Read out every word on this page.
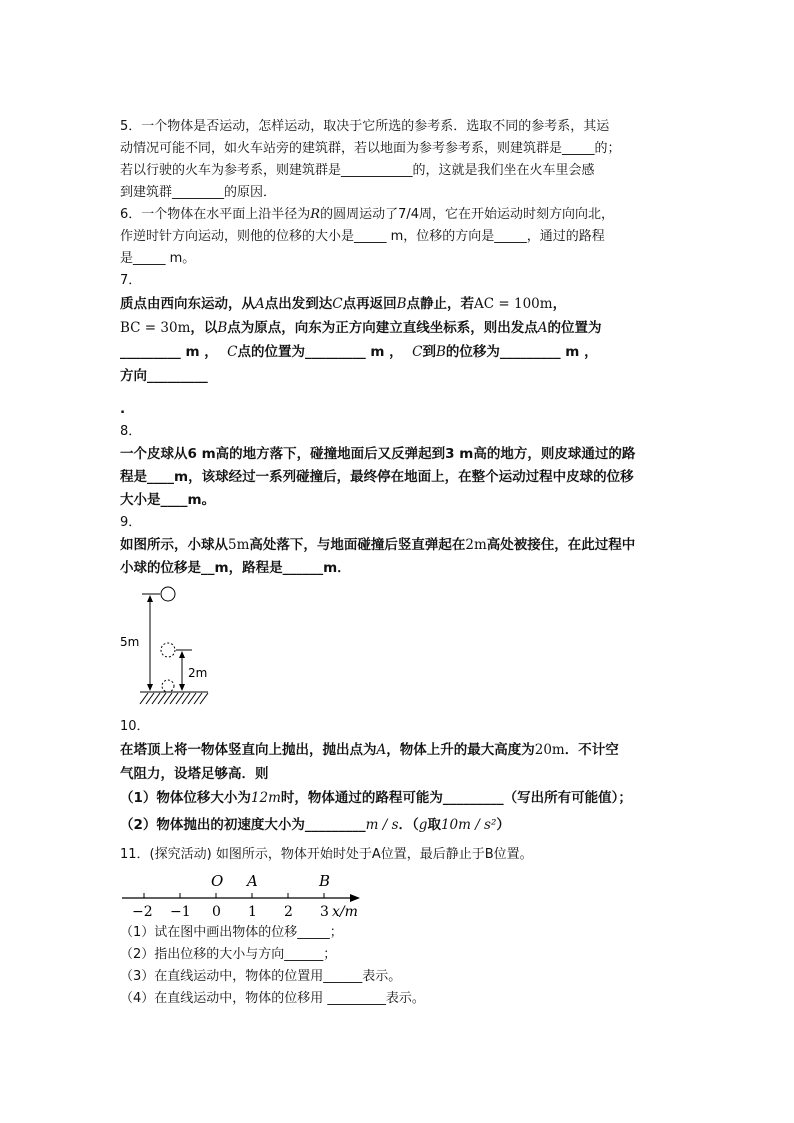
5．一个物体是否运动，怎样运动，取决于它所选的参考系．选取不同的参考系，其运
动情况可能不同，如火车站旁的建筑群，若以地面为参考参考系，则建筑群是_____的；
若以行驶的火车为参考系，则建筑群是___________的，这就是我们坐在火车里会感
到建筑群________的原因．
6．一个物体在水平面上沿半径为R的圆周运动了7/4周，它在开始运动时刻方向向北，
作逆时针方向运动，则他的位移的大小是_____ m，位移的方向是_____，通过的路程
是_____ m。
7．
质点由西向东运动，从A点出发到达C点再返回B点静止，若AC = 100m，
BC = 30m，以B点为原点，向东为正方向建立直线坐标系，则出发点A的位置为
_________ m ， C点的位置为_________ m ， C到B的位移为_________ m ，
方向_________
.
8．
一个皮球从6 m高的地方落下，碰撞地面后又反弹起到3 m高的地方，则皮球通过的路
程是____m，该球经过一系列碰撞后，最终停在地面上，在整个运动过程中皮球的位移
大小是____m。
9．
如图所示，小球从5m高处落下，与地面碰撞后竖直弹起在2m高处被接住，在此过程中
小球的位移是__m，路程是______m．
5m
2m
10．
在塔顶上将一物体竖直向上抛出，抛出点为A，物体上升的最大高度为20m．不计空
气阻力，设塔足够高．则
（1）物体位移大小为12m时，物体通过的路程可能为_________（写出所有可能值）；
（2）物体抛出的初速度大小为_________m / s．（g取10m / s²）
11．(探究活动) 如图所示，物体开始时处于A位置，最后静止于B位置。
O A	B
−2 −1 0 1 2 3 x/m
（1）试在图中画出物体的位移_____；
（2）指出位移的大小与方向______；
（3）在直线运动中，物体的位置用______表示。
（4）在直线运动中，物体的位移用 _________表示。
